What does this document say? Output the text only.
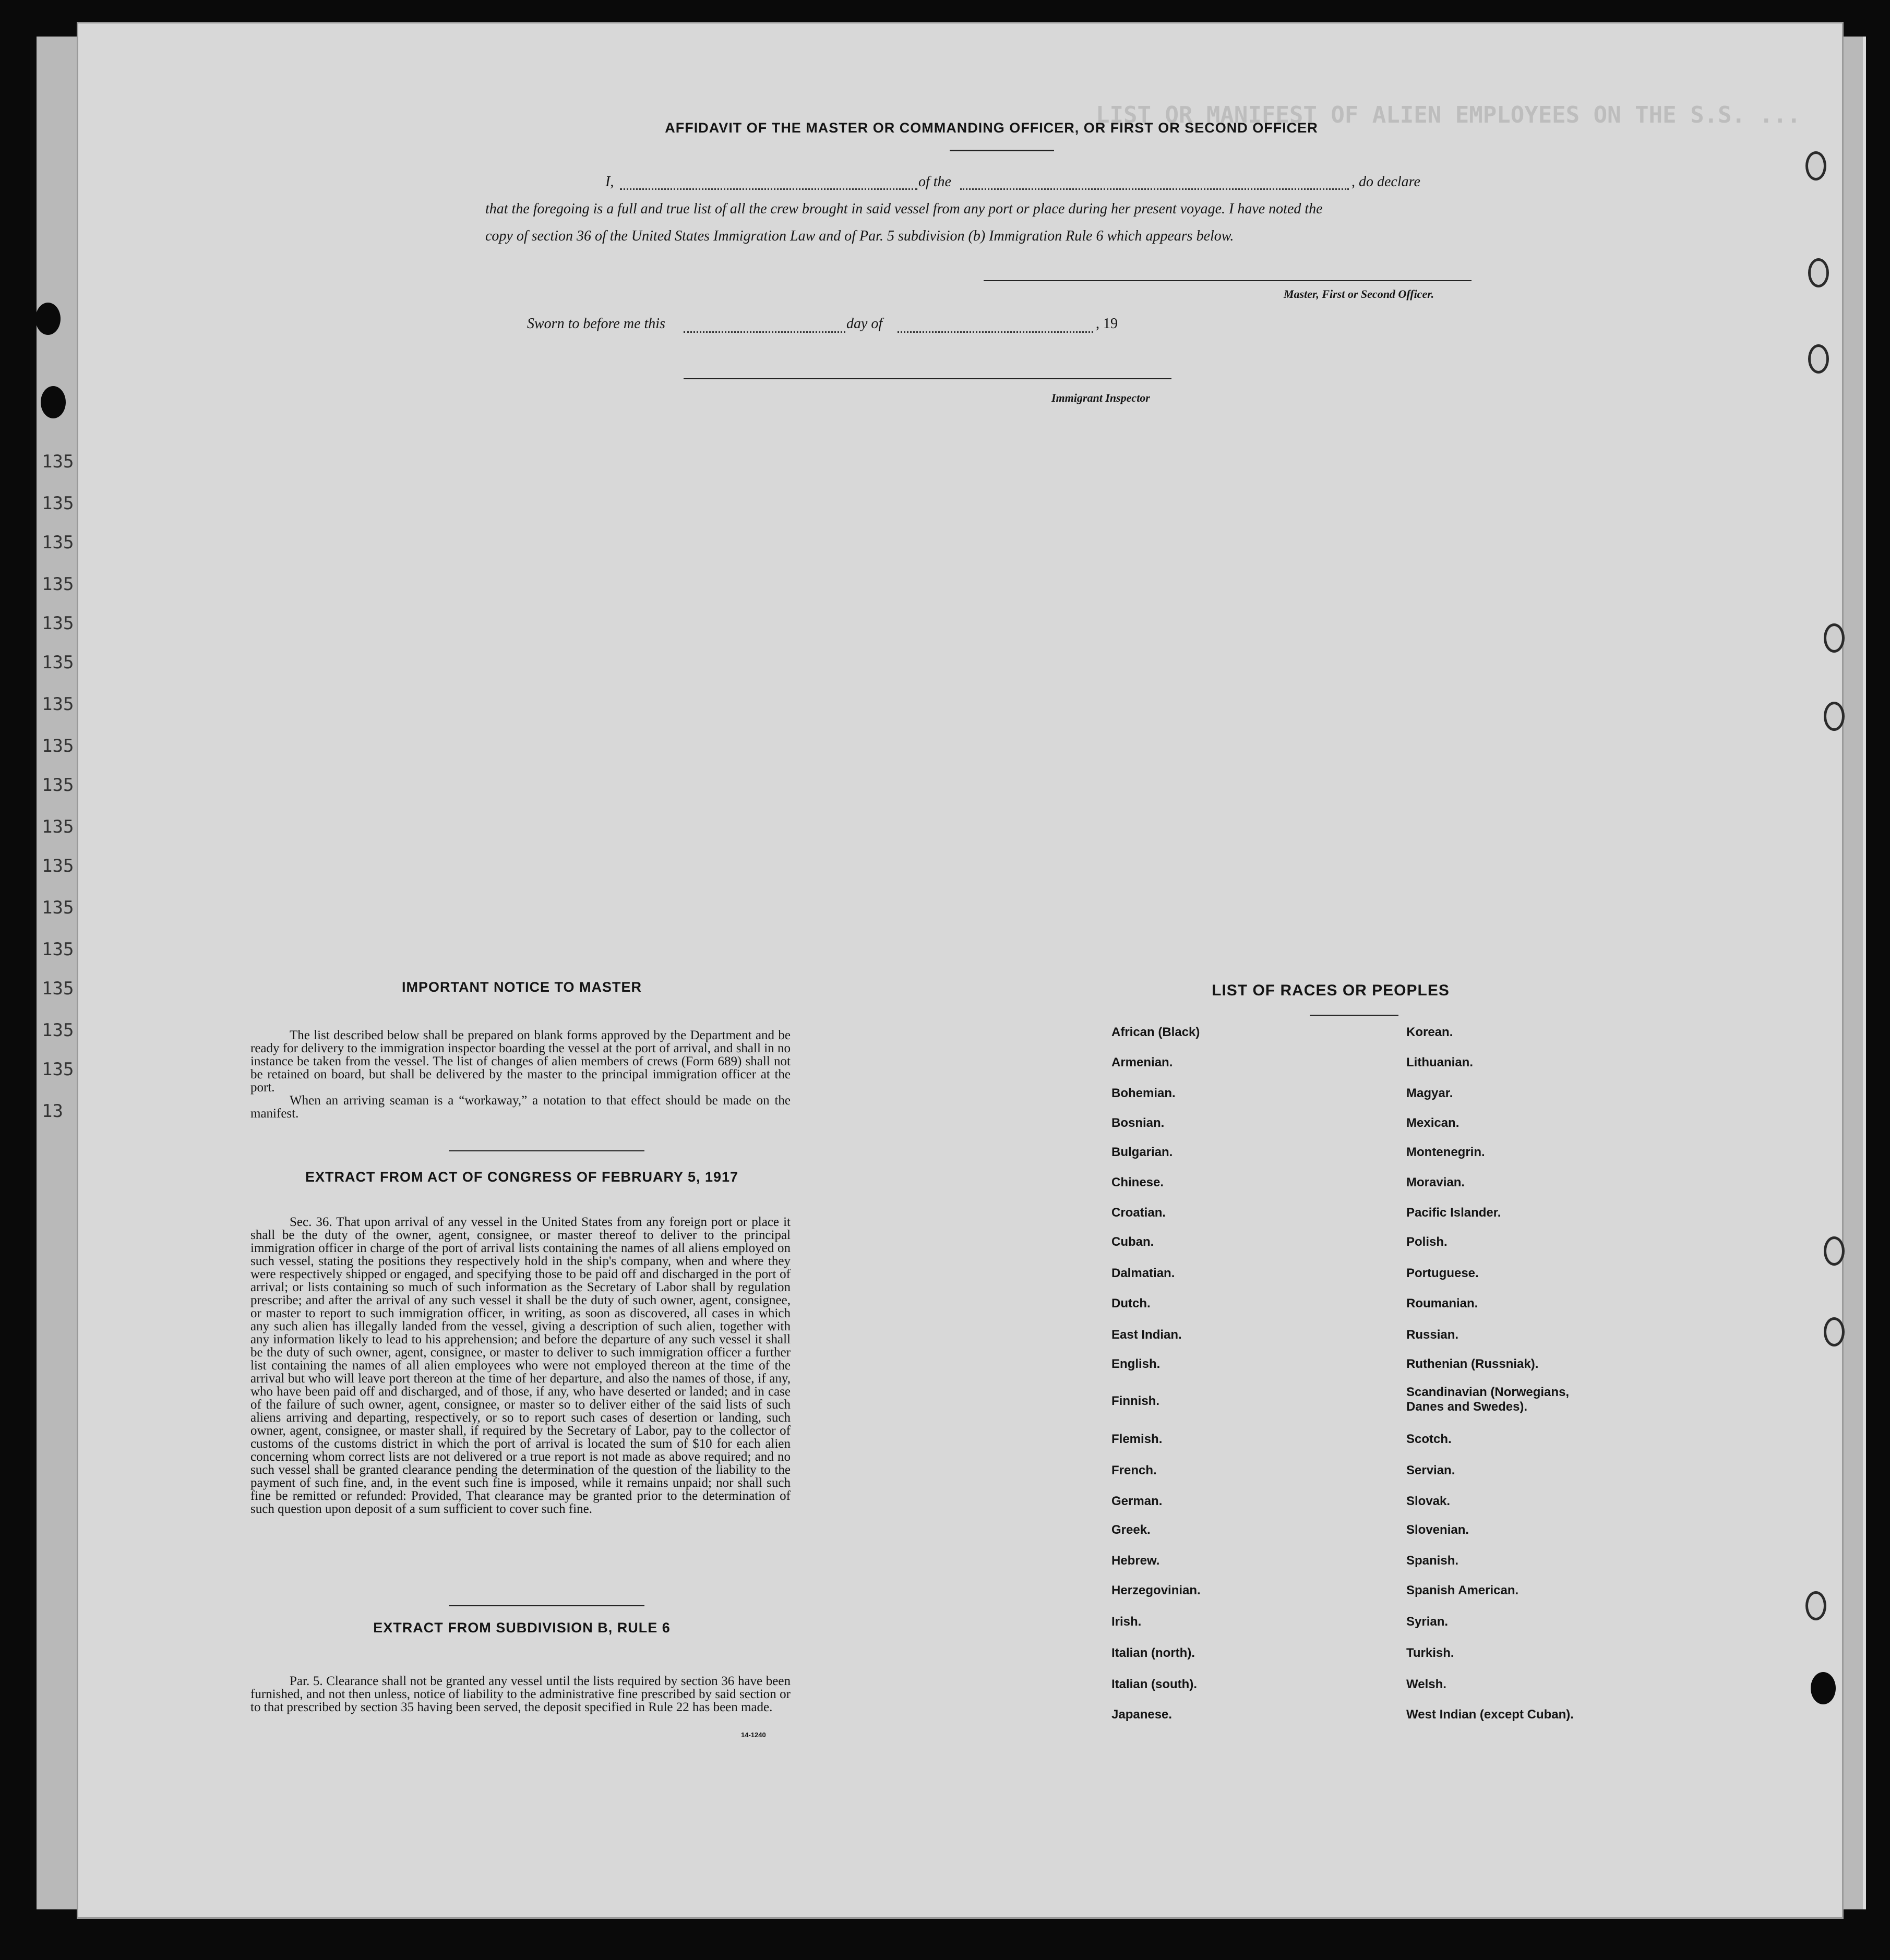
LIST OR MANIFEST OF ALIEN EMPLOYEES ON THE S.S. ...
135
135
135
135
135
135
135
135
135
135
135
135
135
135
135
135
13
AFFIDAVIT OF THE MASTER OR COMMANDING OFFICER, OR FIRST OR SECOND OFFICER
I,	of the	, do declare
that the foregoing is a full and true list of all the crew brought in said vessel from any port or place during her present voyage. I have noted the
copy of section 36 of the United States Immigration Law and of Par. 5 subdivision (b) Immigration Rule 6 which appears below.
Master, First or Second Officer.
Sworn to before me this	day of	, 19
Immigrant Inspector
IMPORTANT NOTICE TO MASTER

The list described below shall be prepared on blank forms approved by the Department and be ready for delivery to the immigration inspector boarding the vessel at the port of arrival, and shall in no instance be taken from the vessel. The list of changes of alien members of crews (Form 689) shall not be retained on board, but shall be delivered by the master to the principal immigration officer at the port.

When an arriving seaman is a “workaway,” a notation to that effect should be made on the manifest.

EXTRACT FROM ACT OF CONGRESS OF FEBRUARY 5, 1917

Sec. 36. That upon arrival of any vessel in the United States from any foreign port or place it shall be the duty of the owner, agent, consignee, or master thereof to deliver to the principal immigration officer in charge of the port of arrival lists containing the names of all aliens employed on such vessel, stating the positions they respectively hold in the ship's company, when and where they were respectively shipped or engaged, and specifying those to be paid off and discharged in the port of arrival; or lists containing so much of such information as the Secretary of Labor shall by regulation prescribe; and after the arrival of any such vessel it shall be the duty of such owner, agent, consignee, or master to report to such immigration officer, in writing, as soon as discovered, all cases in which any such alien has illegally landed from the vessel, giving a description of such alien, together with any information likely to lead to his apprehension; and before the departure of any such vessel it shall be the duty of such owner, agent, consignee, or master to deliver to such immigration officer a further list containing the names of all alien employees who were not employed thereon at the time of the arrival but who will leave port thereon at the time of her departure, and also the names of those, if any, who have been paid off and discharged, and of those, if any, who have deserted or landed; and in case of the failure of such owner, agent, consignee, or master so to deliver either of the said lists of such aliens arriving and departing, respectively, or so to report such cases of desertion or landing, such owner, agent, consignee, or master shall, if required by the Secretary of Labor, pay to the collector of customs of the customs district in which the port of arrival is located the sum of $10 for each alien concerning whom correct lists are not delivered or a true report is not made as above required; and no such vessel shall be granted clearance pending the determination of the question of the liability to the payment of such fine, and, in the event such fine is imposed, while it remains unpaid; nor shall such fine be remitted or refunded: Provided, That clearance may be granted prior to the determination of such question upon deposit of a sum sufficient to cover such fine.

EXTRACT FROM SUBDIVISION B, RULE 6

Par. 5. Clearance shall not be granted any vessel until the lists required by section 36 have been furnished, and not then unless, notice of liability to the administrative fine prescribed by said section or to that prescribed by section 35 having been served, the deposit specified in Rule 22 has been made.

14-1240
LIST OF RACES OR PEOPLES
African (Black)
Armenian.
Bohemian.
Bosnian.
Bulgarian.
Chinese.
Croatian.
Cuban.
Dalmatian.
Dutch.
East Indian.
English.
Finnish.
Flemish.
French.
German.
Greek.
Hebrew.
Herzegovinian.
Irish.
Italian (north).
Italian (south).
Japanese.
Korean.
Lithuanian.
Magyar.
Mexican.
Montenegrin.
Moravian.
Pacific Islander.
Polish.
Portuguese.
Roumanian.
Russian.
Ruthenian (Russniak).
Scandinavian (Norwegians,
Danes and Swedes).
Scotch.
Servian.
Slovak.
Slovenian.
Spanish.
Spanish American.
Syrian.
Turkish.
Welsh.
West Indian (except Cuban).
